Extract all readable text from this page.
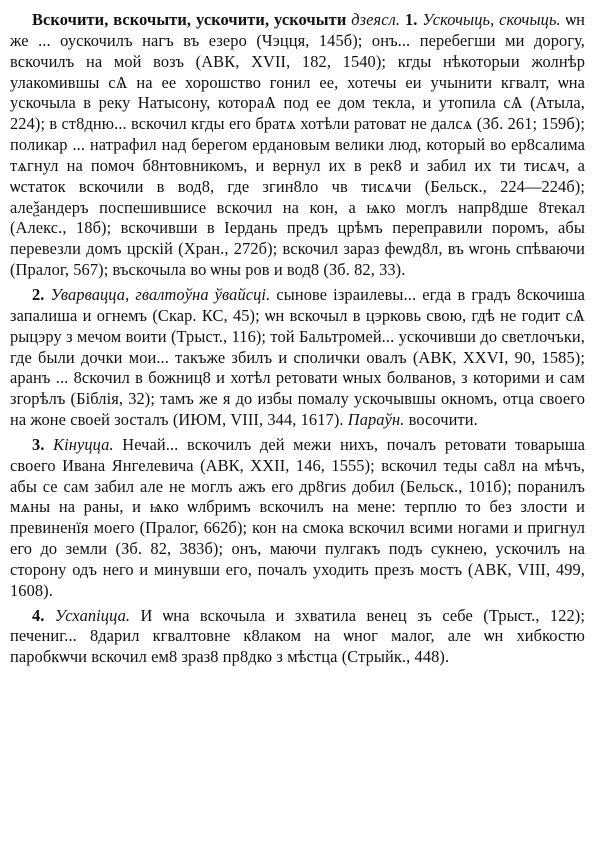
Вскочити, вскочыти, ускочити, ускочыти дзеясл. 1. Ускочыць, скочыць. ѡн же ... оускочилъ нагъ въ езеро (Чэцця, 145б); онъ... перебегши ми дорогу, вскочилъ на мой возъ (АВК, XVII, 182, 1540); кгды нѣкоторыи жолнѣр улакомившы сѦ на ее хорошство гонил ее, хотечы еи учынити кгвалт, ѡна ускочыла в реку Натысону, котораѦ под ее дом текла, и утопила сѦ (Атыла, 224); в ст8дню... вскочил кгды его братѧ хотѣли ратоват не далсѧ (Зб. 261; 159б); поликар ... натрафил над берегом ердановым велики люд, который во ер8салима тѧгнул на помоч б8нтовникомъ, и вернул их в рек8 и забил их ти тисѧч, а ѡстаток вскочили в вод8, где згин8ло чв тисѧчи (Бельск., 224—224б); алеѯандеръ поспешившисе вскочил на кон, а ѩко моглъ напр8дше 8текал (Алекс., 18б); вскочивши в Іердань предъ црѣмъ переправили поромъ, абы перевезли домъ црскій (Хран., 272б); вскочил зараз феѡд8л, въ ѡгонь спѣваючи (Пралог, 567); въскочыла во ѡны ров и вод8 (Зб. 82, 33).

2. Уварвацца, гвалтоўна ўвайсці. сынове ізраилевы... егда в градъ 8скочиша запалиша и огнемъ (Скар. КС, 45); ѡн вскочыл в цэрковь свою, гдѣ не годит сѦ рыцэру з мечом воити (Трыст., 116); той Бальтромей... ускочивши до светлочъки, где были дочки мои... такъже збилъ и сполички овалъ (АВК, XXVI, 90, 1585); аранъ ... 8скочил в божниц8 и хотѣл ретовати ѡных болванов, з которими и сам згорѣлъ (Біблія, 32); тамъ же я до избы помалу ускочывшы окномъ, отца своего на жоне своей зосталъ (ИЮМ, VIII, 344, 1617). Параўн. восочити.

3. Кінуцца. Нечай... вскочилъ дей межи нихъ, почалъ ретовати товарыша своего Ивана Янгелевича (АВК, XXII, 146, 1555); вскочил теды са8л на мѣчъ, абы се сам забил але не моглъ ажъ его др8гиs добил (Бельск., 101б); поранилъ мѧны на раны, и ѩко ѡлбримъ вскочилъ на мене: терплю то без злости и превиненїя моего (Пралог, 662б); кон на смока вскочил всими ногами и пригнул его до земли (Зб. 82, 383б); онъ, маючи пулгакъ подъ сукнею, ускочилъ на сторону одъ него и минувши его, почалъ уходить презъ мостъ (АВК, VIII, 499, 1608).

4. Усхапіцца. И ѡна вскочыла и зхватила венец зъ себе (Трыст., 122); печениг... 8дарил кгвалтовне к8лаком на ѡног малог, але ѡн хибкостю паробкѡчи вскочил ем8 зраз8 пр8дко з мѣстца (Стрыйк., 448).
